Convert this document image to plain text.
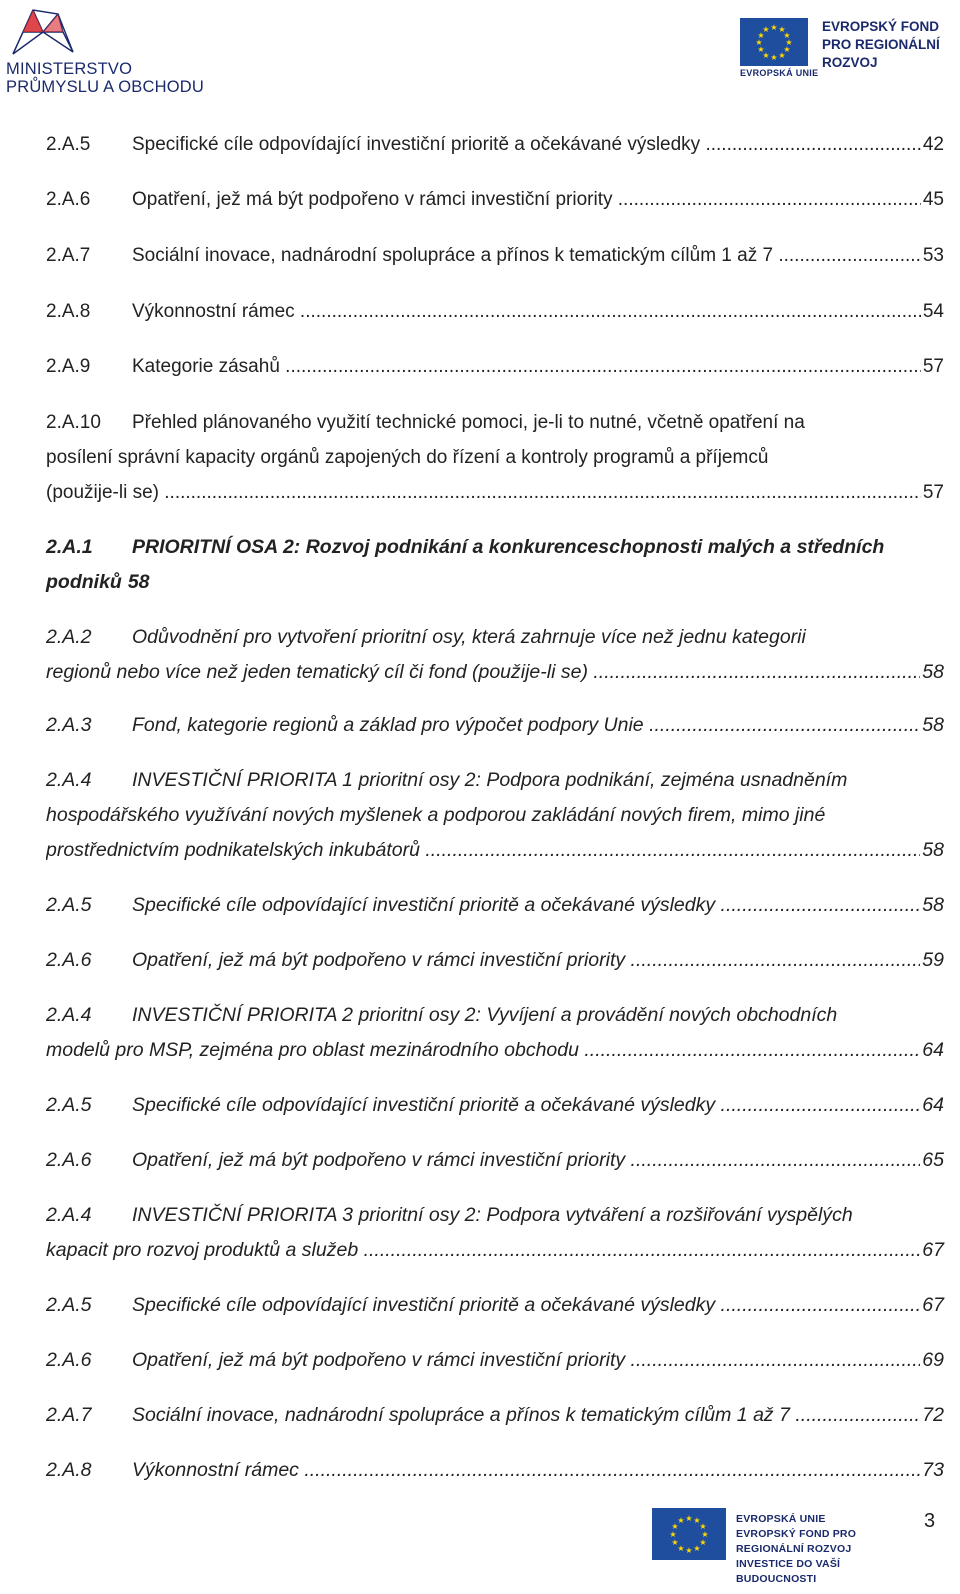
MINISTERSTVO
PRŮMYSLU A OBCHODU
★ ★
★
★
★
★
★
★
★
★
★
★
EVROPSKÁ UNIE
EVROPSKÝ FOND
PRO REGIONÁLNÍ
ROZVOJ
2.A.5	Specifické cíle odpovídající investiční prioritě a očekávané výsledky .....	42
2.A.6	Opatření, jež má být podpořeno v rámci investiční priority .....	45
2.A.7	Sociální inovace, nadnárodní spolupráce a přínos k tematickým cílům 1 až 7 .....	53
2.A.8	Výkonnostní rámec .....	54
2.A.9	Kategorie zásahů .....	57
2.A.10 Přehled plánovaného využití technické pomoci, je-li to nutné, včetně opatření na
posílení správní kapacity orgánů zapojených do řízení a kontroly programů a příjemců
(použije-li se) .....	57
2.A.1	PRIORITNÍ OSA 2: Rozvoj podnikání a konkurenceschopnosti malých a středních
podniků 58
2.A.2	Odůvodnění pro vytvoření prioritní osy, která zahrnuje více než jednu kategorii
regionů nebo více než jeden tematický cíl či fond (použije-li se) .....	58
2.A.3	Fond, kategorie regionů a základ pro výpočet podpory Unie .....	58
2.A.4	INVESTIČNÍ PRIORITA 1 prioritní osy 2: Podpora podnikání, zejména usnadněním
hospodářského využívání nových myšlenek a podporou zakládání nových firem, mimo jiné
prostřednictvím podnikatelských inkubátorů .....	58
2.A.5	Specifické cíle odpovídající investiční prioritě a očekávané výsledky .....	58
2.A.6	Opatření, jež má být podpořeno v rámci investiční priority .....	59
2.A.4	INVESTIČNÍ PRIORITA 2 prioritní osy 2: Vyvíjení a provádění nových obchodních
modelů pro MSP, zejména pro oblast mezinárodního obchodu .....	64
2.A.5	Specifické cíle odpovídající investiční prioritě a očekávané výsledky .....	64
2.A.6	Opatření, jež má být podpořeno v rámci investiční priority .....	65
2.A.4	INVESTIČNÍ PRIORITA 3 prioritní osy 2: Podpora vytváření a rozšiřování vyspělých
kapacit pro rozvoj produktů a služeb .....	67
2.A.5	Specifické cíle odpovídající investiční prioritě a očekávané výsledky .....	67
2.A.6	Opatření, jež má být podpořeno v rámci investiční priority .....	69
2.A.7	Sociální inovace, nadnárodní spolupráce a přínos k tematickým cílům 1 až 7 .....	72
2.A.8	Výkonnostní rámec .....	73
3
★ ★
★
★
★
★
★
★
★
★
★
★	EVROPSKÁ UNIE
EVROPSKÝ FOND PRO REGIONÁLNÍ ROZVOJ
INVESTICE DO VAŠÍ BUDOUCNOSTI
